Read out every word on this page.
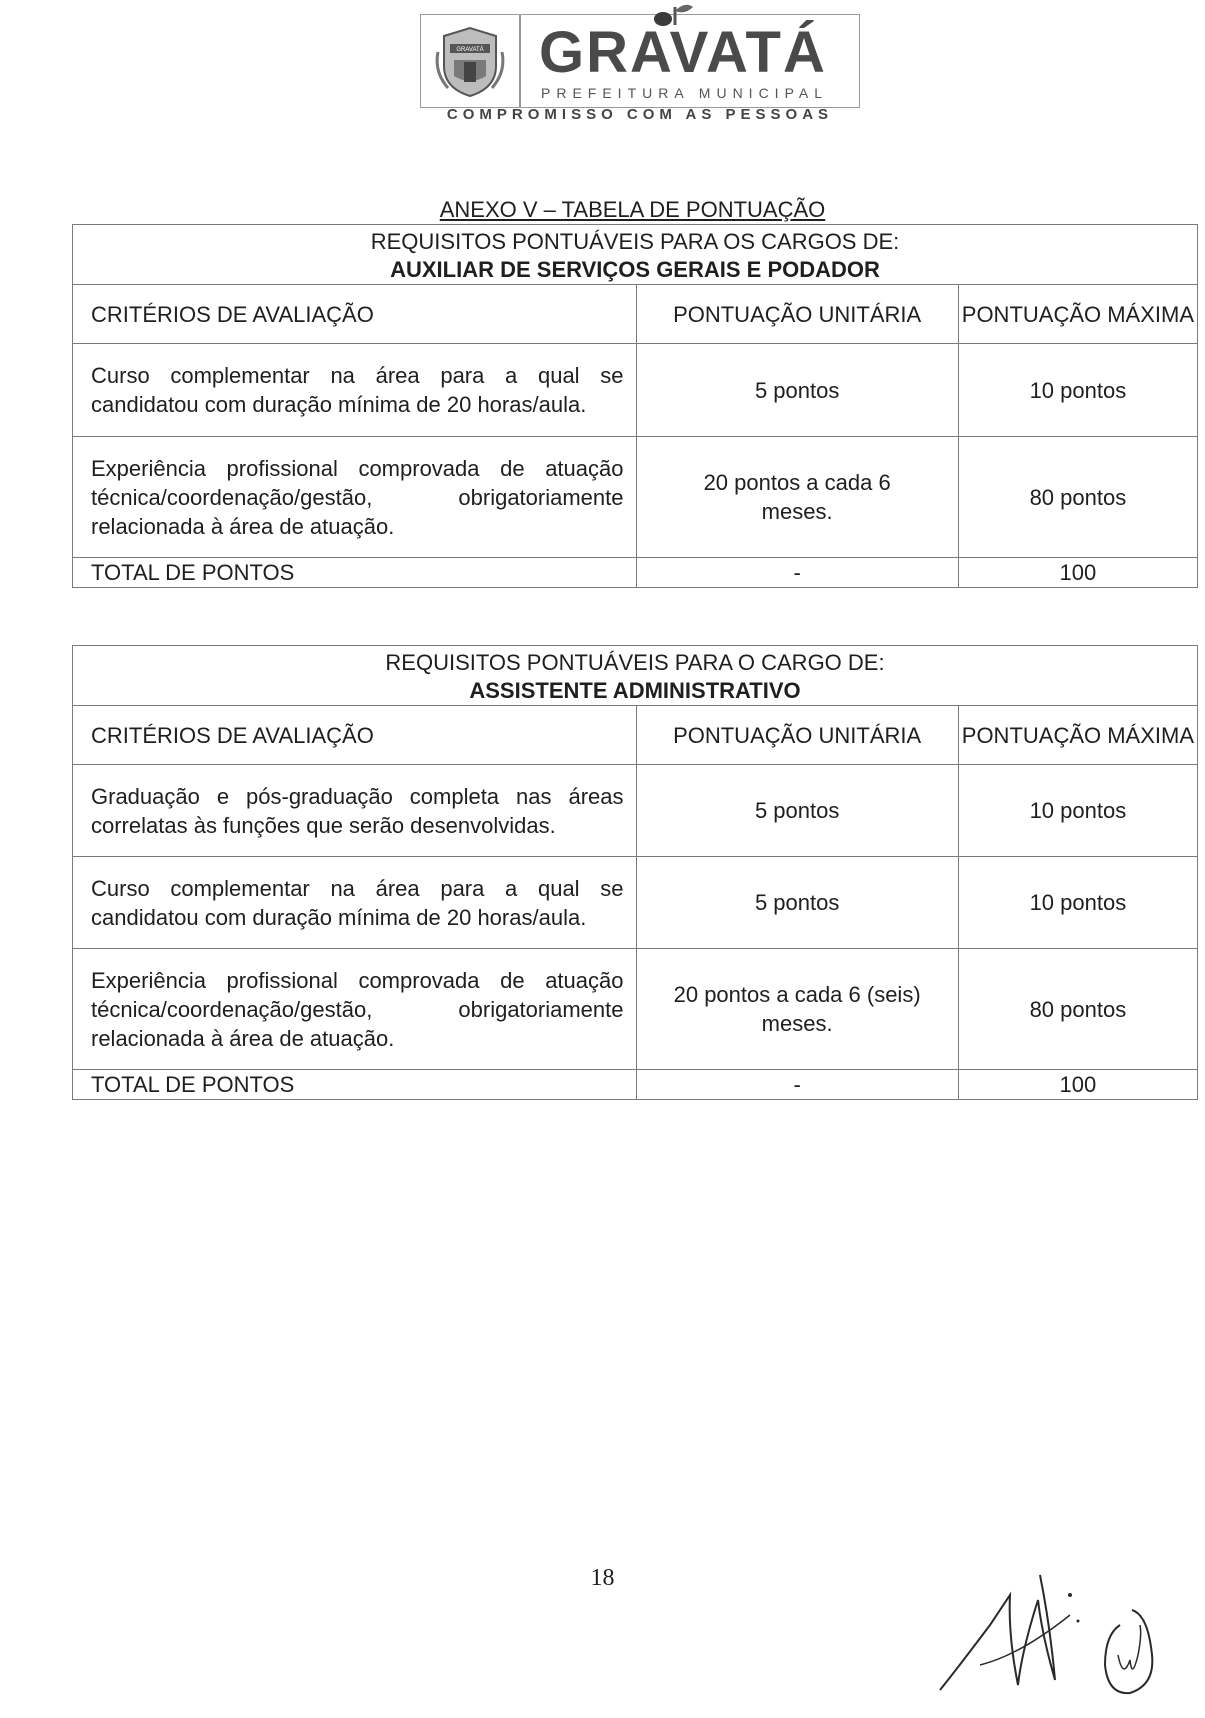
GRAVATÁ GRAVATÁ
PREFEITURA MUNICIPAL
COMPROMISSO COM AS PESSOAS
ANEXO V – TABELA DE PONTUAÇÃO
REQUISITOS PONTUÁVEIS PARA OS CARGOS DE:
AUXILIAR DE SERVIÇOS GERAIS E PODADOR		

CRITÉRIOS DE AVALIAÇÃO	PONTUAÇÃO UNITÁRIA	PONTUAÇÃO MÁXIMA
Curso complementar na área para a qual se candidatou com duração mínima de 20 horas/aula.	5 pontos	10 pontos
Experiência profissional comprovada de atuação técnica/coordenação/gestão, obrigatoriamente relacionada à área de atuação.	20 pontos a cada 6 meses.	80 pontos
TOTAL DE PONTOS	-	100
REQUISITOS PONTUÁVEIS PARA O CARGO DE:
ASSISTENTE ADMINISTRATIVO		

CRITÉRIOS DE AVALIAÇÃO	PONTUAÇÃO UNITÁRIA	PONTUAÇÃO MÁXIMA
Graduação e pós-graduação completa nas áreas correlatas às funções que serão desenvolvidas.	5 pontos	10 pontos
Curso complementar na área para a qual se candidatou com duração mínima de 20 horas/aula.	5 pontos	10 pontos
Experiência profissional comprovada de atuação técnica/coordenação/gestão, obrigatoriamente relacionada à área de atuação.	20 pontos a cada 6 (seis) meses.	80 pontos
TOTAL DE PONTOS	-	100
18
